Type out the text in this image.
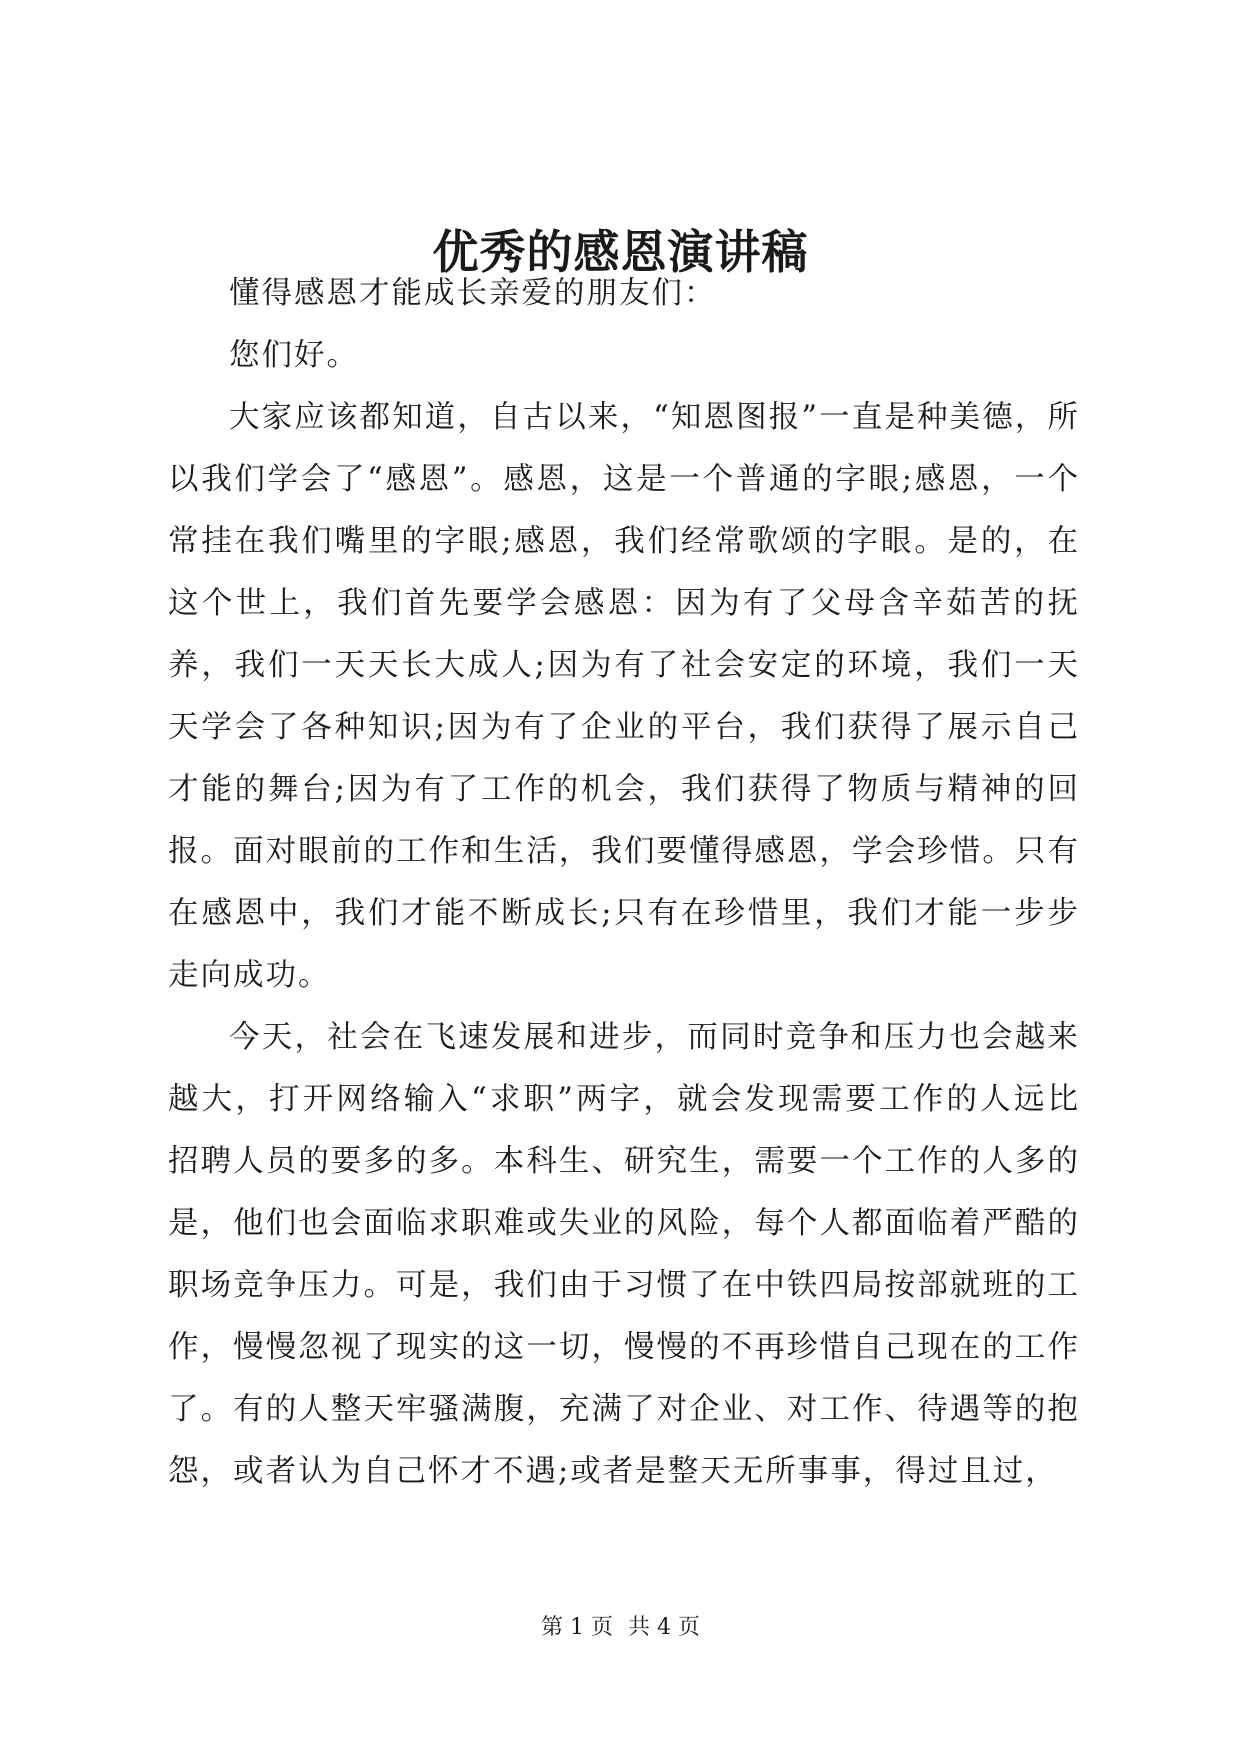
优秀的感恩演讲稿

懂得感恩才能成长亲爱的朋友们：

您们好。

大家应该都知道，自古以来，“知恩图报”一直是种美德，所以我们学会了“感恩”。感恩，这是一个普通的字眼;感恩，一个常挂在我们嘴里的字眼;感恩，我们经常歌颂的字眼。是的，在这个世上，我们首先要学会感恩：因为有了父母含辛茹苦的抚养，我们一天天长大成人;因为有了社会安定的环境，我们一天天学会了各种知识;因为有了企业的平台，我们获得了展示自己才能的舞台;因为有了工作的机会，我们获得了物质与精神的回报。面对眼前的工作和生活，我们要懂得感恩，学会珍惜。只有在感恩中，我们才能不断成长;只有在珍惜里，我们才能一步步走向成功。

今天，社会在飞速发展和进步，而同时竞争和压力也会越来越大，打开网络输入“求职”两字，就会发现需要工作的人远比招聘人员的要多的多。本科生、研究生，需要一个工作的人多的是，他们也会面临求职难或失业的风险，每个人都面临着严酷的职场竞争压力。可是，我们由于习惯了在中铁四局按部就班的工作，慢慢忽视了现实的这一切，慢慢的不再珍惜自己现在的工作了。有的人整天牢骚满腹，充满了对企业、对工作、待遇等的抱怨，或者认为自己怀才不遇;或者是整天无所事事，得过且过，

第 1 页 共 4 页
